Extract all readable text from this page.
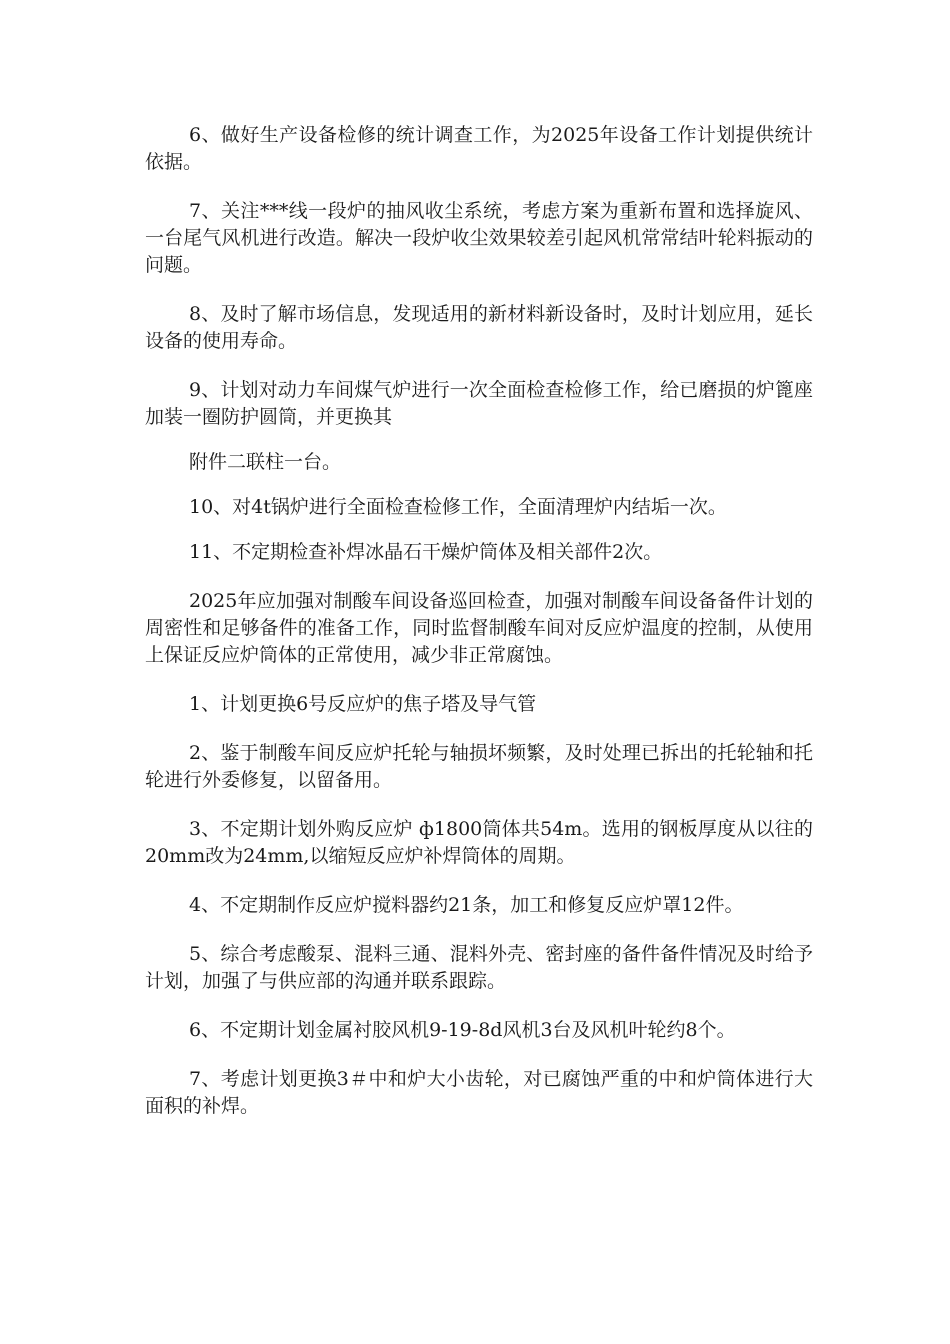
6、做好生产设备检修的统计调查工作，为2025年设备工作计划提供统计依据。

7、关注***线一段炉的抽风收尘系统，考虑方案为重新布置和选择旋风、一台尾气风机进行改造。解决一段炉收尘效果较差引起风机常常结叶轮料振动的问题。

8、及时了解市场信息，发现适用的新材料新设备时，及时计划应用，延长设备的使用寿命。

9、计划对动力车间煤气炉进行一次全面检查检修工作，给已磨损的炉篦座加装一圈防护圆筒，并更换其

附件二联柱一台。

10、对4t锅炉进行全面检查检修工作，全面清理炉内结垢一次。

11、不定期检查补焊冰晶石干燥炉筒体及相关部件2次。

2025年应加强对制酸车间设备巡回检查，加强对制酸车间设备备件计划的周密性和足够备件的准备工作，同时监督制酸车间对反应炉温度的控制，从使用上保证反应炉筒体的正常使用，减少非正常腐蚀。

1、计划更换6号反应炉的焦子塔及导气管

2、鉴于制酸车间反应炉托轮与轴损坏频繁，及时处理已拆出的托轮轴和托轮进行外委修复，以留备用。

3、不定期计划外购反应炉 ф1800筒体共54m。选用的钢板厚度从以往的20mm改为24mm,以缩短反应炉补焊筒体的周期。

4、不定期制作反应炉搅料器约21条，加工和修复反应炉罩12件。

5、综合考虑酸泵、混料三通、混料外壳、密封座的备件备件情况及时给予计划，加强了与供应部的沟通并联系跟踪。

6、不定期计划金属衬胶风机9-19-8d风机3台及风机叶轮约8个。

7、考虑计划更换3＃中和炉大小齿轮，对已腐蚀严重的中和炉筒体进行大面积的补焊。
